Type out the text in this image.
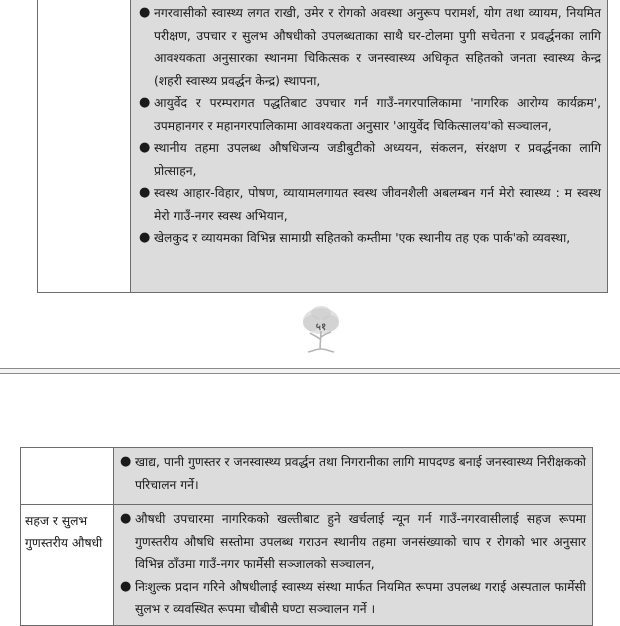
● नगरवासीको स्वास्थ्य लगत राखी, उमेर र रोगको अवस्था अनुरूप परामर्श, योग तथा व्यायम, नियमित परीक्षण, उपचार र सुलभ औषधीको उपलब्धताका साथै घर-टोलमा पुगी सचेतना र प्रवर्द्धनका लागि आवश्यकता अनुसारका स्थानमा चिकित्सक र जनस्वास्थ्य अधिकृत सहितको जनता स्वास्थ्य केन्द्र (शहरी स्वास्थ्य प्रवर्द्धन केन्द्र) स्थापना,
● आयुर्वेद र परम्परागत पद्धतिबाट उपचार गर्न गाउँ-नगरपालिकामा 'नागरिक आरोग्य कार्यक्रम', उपमहानगर र महानगरपालिकामा आवश्यकता अनुसार 'आयुर्वेद चिकित्सालय'को सञ्चालन,
● स्थानीय तहमा उपलब्ध औषधिजन्य जडीबुटीको अध्ययन, संकलन, संरक्षण र प्रवर्द्धनका लागि प्रोत्साहन,
● स्वस्थ आहार-विहार, पोषण, व्यायामलगायत स्वस्थ जीवनशैली अबलम्बन गर्न मेरो स्वास्थ्य : म स्वस्थ मेरो गाउँ-नगर स्वस्थ अभियान,
● खेलकुद र व्यायमका विभिन्न सामाग्री सहितको कम्तीमा 'एक स्थानीय तह एक पार्क'को व्यवस्था,
५१
● खाद्य, पानी गुणस्तर र जनस्वास्थ्य प्रवर्द्धन तथा निगरानीका लागि मापदण्ड बनाई जनस्वास्थ्य निरीक्षकको परिचालन गर्ने।
सहज र सुलभ गुणस्तरीय औषधी
● औषधी उपचारमा नागरिकको खल्तीबाट हुने खर्चलाई न्यून गर्न गाउँ-नगरवासीलाई सहज रूपमा गुणस्तरीय औषधि सस्तोमा उपलब्ध गराउन स्थानीय तहमा जनसंख्याको चाप र रोगको भार अनुसार विभिन्न ठाँउमा गाउँ-नगर फार्मेसी सञ्जालको सञ्चालन,
● निःशुल्क प्रदान गरिने औषधीलाई स्वास्थ्य संस्था मार्फत नियमित रूपमा उपलब्ध गराई अस्पताल फार्मेसी सुलभ र व्यवस्थित रूपमा चौबीसै घण्टा सञ्चालन गर्ने ।
